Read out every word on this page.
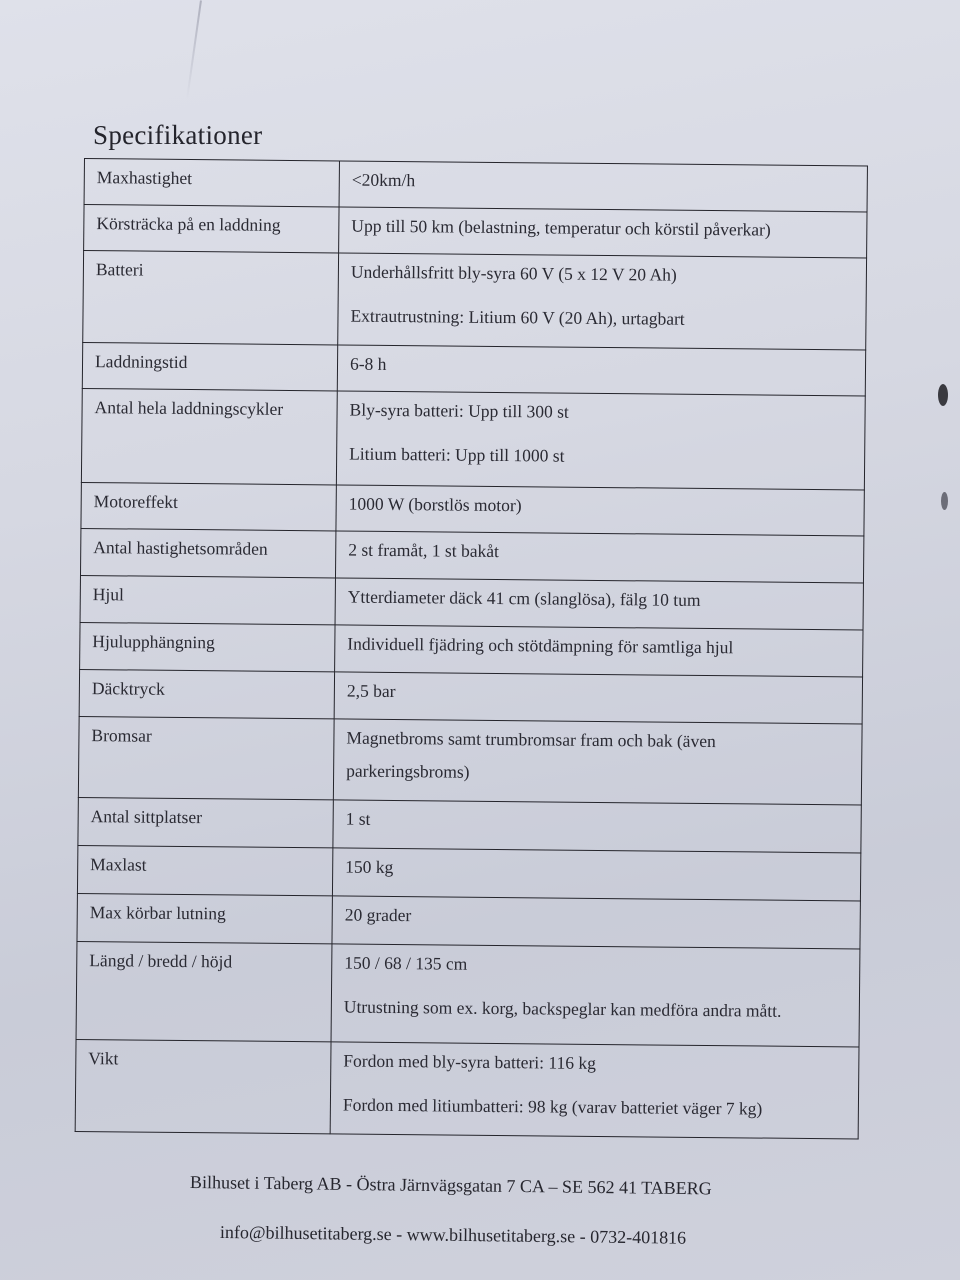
Specifikationer
Maxhastighet	<20km/h

Körsträcka på en laddning	Upp till 50 km (belastning, temperatur och körstil påverkar)

Batteri	Underhållsfritt bly-syra 60 V (5 x 12 V 20 Ah)

Extrautrustning: Litium 60 V (20 Ah), urtagbart

Laddningstid	6-8 h

Antal hela laddningscykler	Bly-syra batteri: Upp till 300 st

Litium batteri: Upp till 1000 st

Motoreffekt	1000 W (borstlös motor)

Antal hastighetsområden	2 st framåt, 1 st bakåt

Hjul	Ytterdiameter däck 41 cm (slanglösa), fälg 10 tum

Hjulupphängning	Individuell fjädring och stötdämpning för samtliga hjul

Däcktryck	2,5 bar

Bromsar	Magnetbroms samt trumbromsar fram och bak (även

parkeringsbroms)

Antal sittplatser	1 st

Maxlast	150 kg

Max körbar lutning	20 grader

Längd / bredd / höjd	150 / 68 / 135 cm

Utrustning som ex. korg, backspeglar kan medföra andra mått.

Vikt	Fordon med bly-syra batteri: 116 kg

Fordon med litiumbatteri: 98 kg (varav batteriet väger 7 kg)

Bilhuset i Taberg AB - Östra Järnvägsgatan 7 CA – SE 562 41 TABERG
info@bilhusetitaberg.se - www.bilhusetitaberg.se - 0732-401816
